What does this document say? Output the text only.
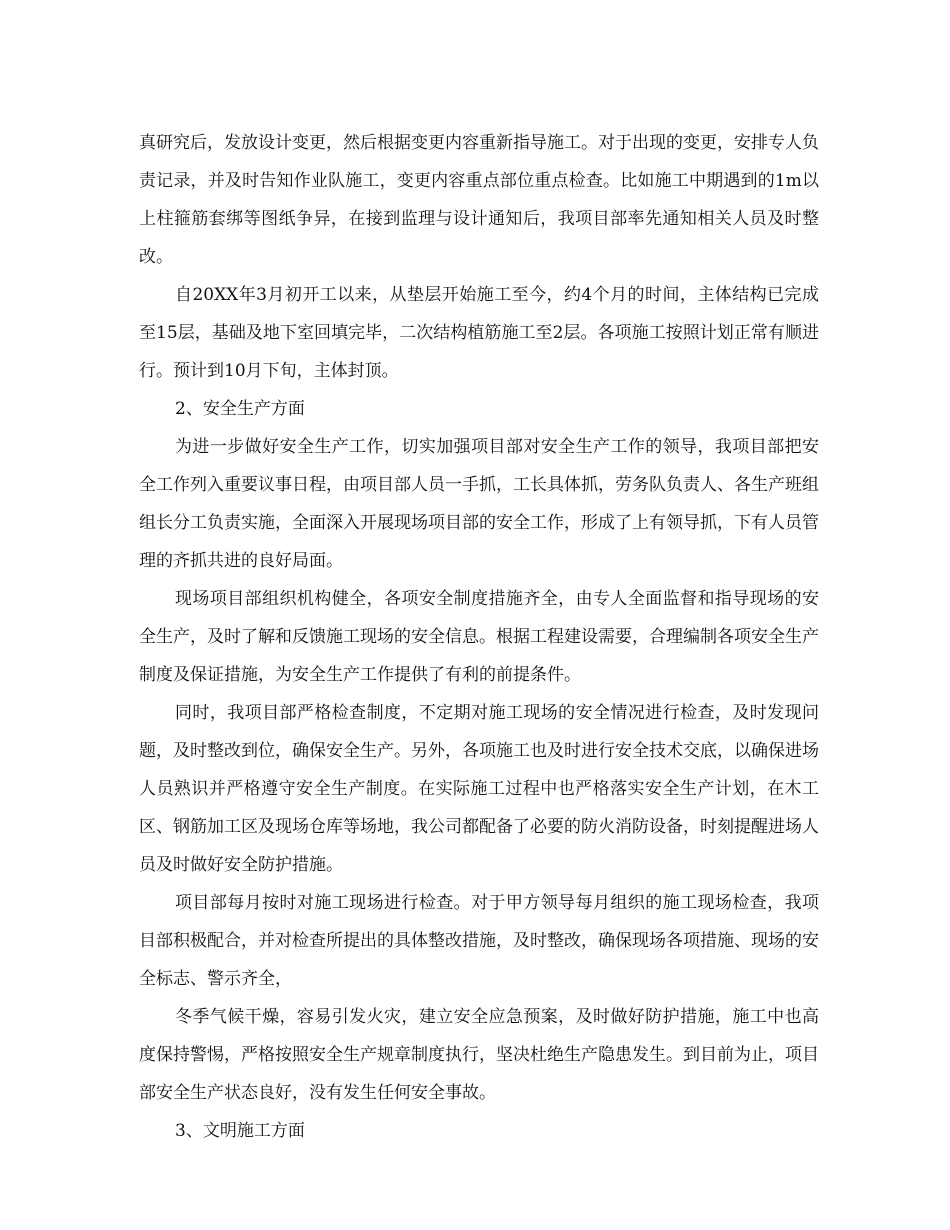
真研究后，发放设计变更，然后根据变更内容重新指导施工。对于出现的变更，安排专人负责记录，并及时告知作业队施工，变更内容重点部位重点检查。比如施工中期遇到的1m以上柱箍筋套绑等图纸争异，在接到监理与设计通知后，我项目部率先通知相关人员及时整改。

自20XX年3月初开工以来，从垫层开始施工至今，约4个月的时间，主体结构已完成至15层，基础及地下室回填完毕，二次结构植筋施工至2层。各项施工按照计划正常有顺进行。预计到10月下旬，主体封顶。

2、安全生产方面

为进一步做好安全生产工作，切实加强项目部对安全生产工作的领导，我项目部把安全工作列入重要议事日程，由项目部人员一手抓，工长具体抓，劳务队负责人、各生产班组组长分工负责实施，全面深入开展现场项目部的安全工作，形成了上有领导抓，下有人员管理的齐抓共进的良好局面。

现场项目部组织机构健全，各项安全制度措施齐全，由专人全面监督和指导现场的安全生产，及时了解和反馈施工现场的安全信息。根据工程建设需要，合理编制各项安全生产制度及保证措施，为安全生产工作提供了有利的前提条件。

同时，我项目部严格检查制度，不定期对施工现场的安全情况进行检查，及时发现问题，及时整改到位，确保安全生产。另外，各项施工也及时进行安全技术交底，以确保进场人员熟识并严格遵守安全生产制度。在实际施工过程中也严格落实安全生产计划，在木工区、钢筋加工区及现场仓库等场地，我公司都配备了必要的防火消防设备，时刻提醒进场人员及时做好安全防护措施。

项目部每月按时对施工现场进行检查。对于甲方领导每月组织的施工现场检查，我项目部积极配合，并对检查所提出的具体整改措施，及时整改，确保现场各项措施、现场的安全标志、警示齐全，

冬季气候干燥，容易引发火灾，建立安全应急预案，及时做好防护措施，施工中也高度保持警惕，严格按照安全生产规章制度执行，坚决杜绝生产隐患发生。到目前为止，项目部安全生产状态良好，没有发生任何安全事故。

3、文明施工方面
